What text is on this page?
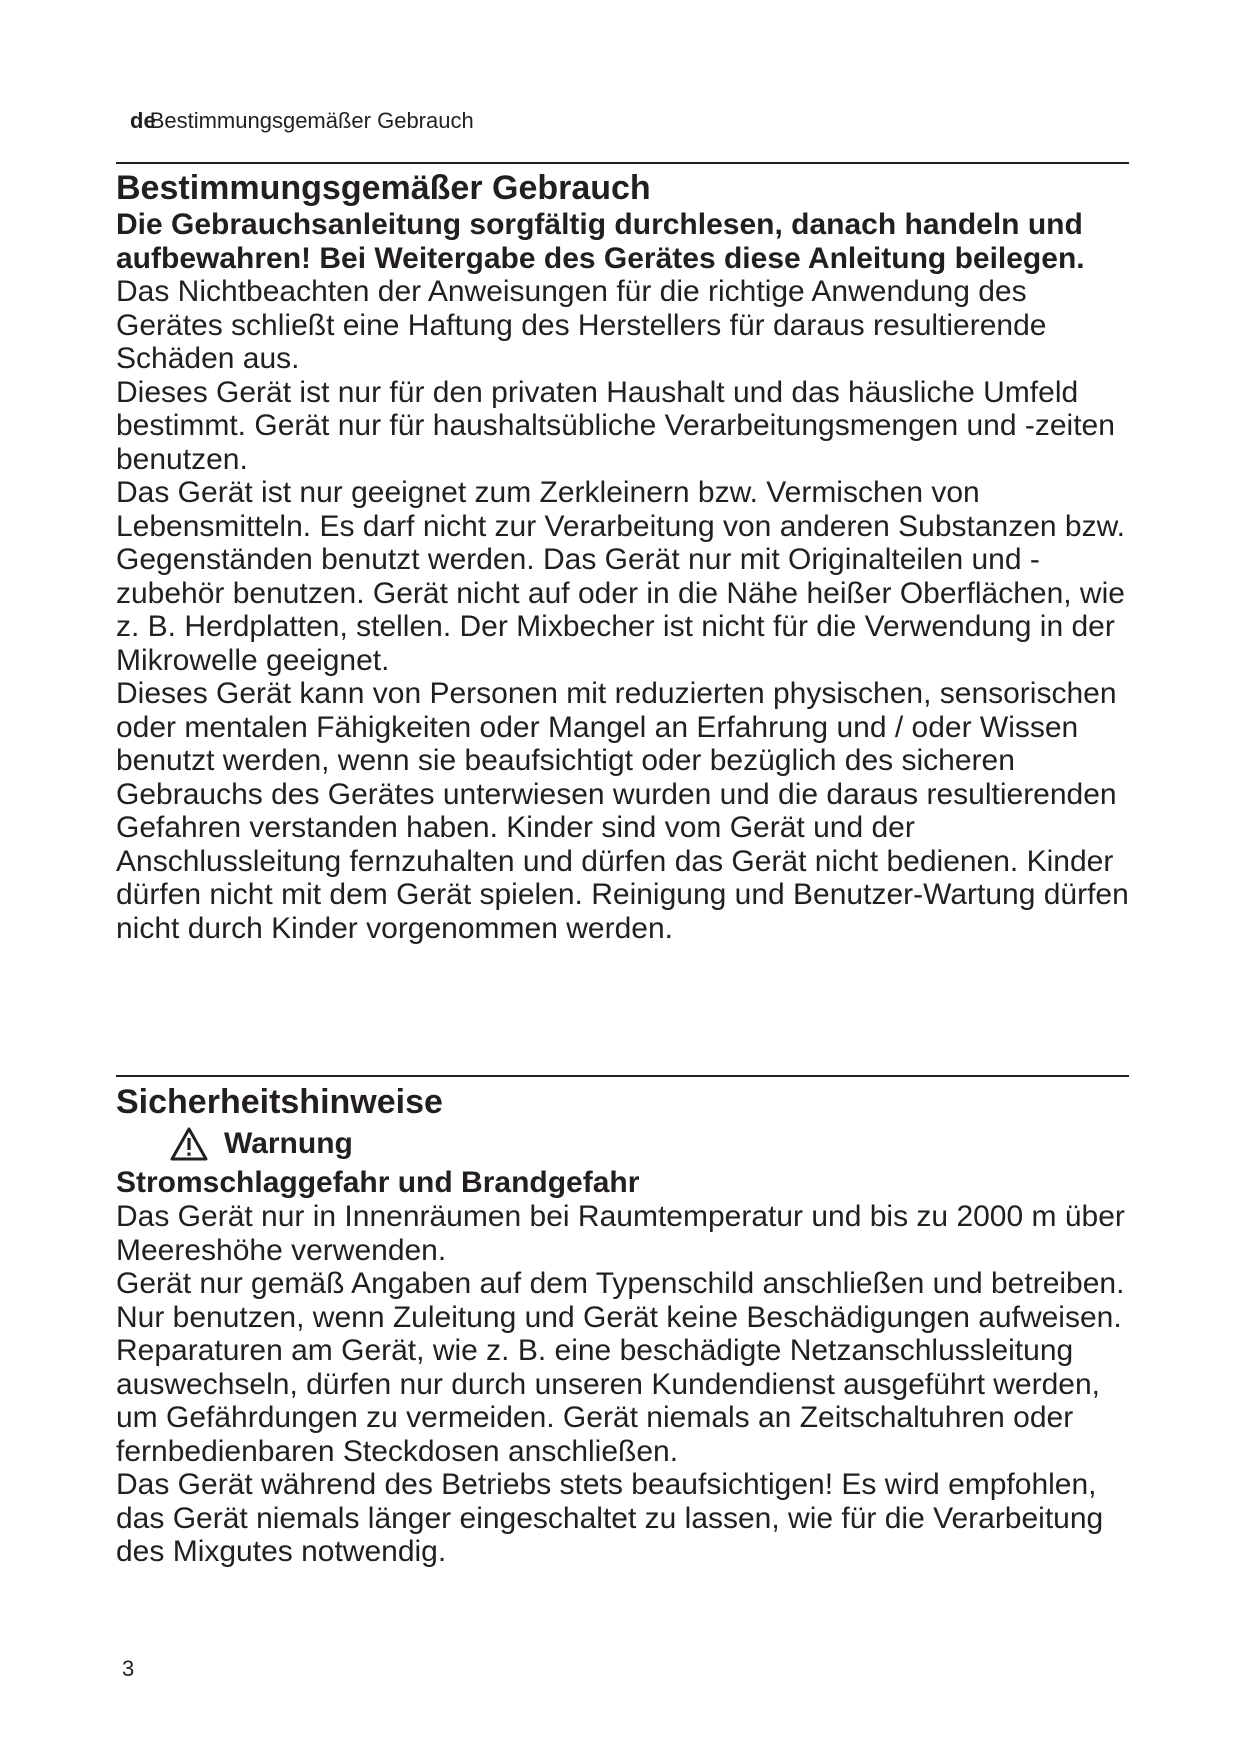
deBestimmungsgemäßer Gebrauch
Bestimmungsgemäßer Gebrauch

Die Gebrauchsanleitung sorgfältig durchlesen, danach handeln und aufbewahren! Bei Weitergabe des Gerätes diese Anleitung beilegen.

Das Nichtbeachten der Anweisungen für die richtige Anwendung des Gerätes schließt eine Haftung des Herstellers für daraus resultierende Schäden aus.

Dieses Gerät ist nur für den privaten Haushalt und das häusliche Umfeld bestimmt. Gerät nur für haushaltsübliche Verarbeitungsmengen und -zeiten benutzen.

Das Gerät ist nur geeignet zum Zerkleinern bzw. Vermischen von Lebensmitteln. Es darf nicht zur Verarbeitung von anderen Substanzen bzw. Gegenständen benutzt werden. Das Gerät nur mit Originalteilen und -zubehör benutzen. Gerät nicht auf oder in die Nähe heißer Oberflächen, wie z. B. Herdplatten, stellen. Der Mixbecher ist nicht für die Verwendung in der Mikrowelle geeignet.

Dieses Gerät kann von Personen mit reduzierten physischen, sensorischen oder mentalen Fähigkeiten oder Mangel an Erfahrung und / oder Wissen benutzt werden, wenn sie beaufsichtigt oder bezüglich des sicheren Gebrauchs des Gerätes unterwiesen wurden und die daraus resultierenden Gefahren verstanden haben. Kinder sind vom Gerät und der Anschlussleitung fernzuhalten und dürfen das Gerät nicht bedienen. Kinder dürfen nicht mit dem Gerät spielen. Reinigung und Benutzer-Wartung dürfen nicht durch Kinder vorgenommen werden.

Sicherheitshinweise
Warnung

Stromschlaggefahr und Brandgefahr

Das Gerät nur in Innenräumen bei Raumtemperatur und bis zu 2000 m über Meereshöhe verwenden.

Gerät nur gemäß Angaben auf dem Typenschild anschließen und betreiben. Nur benutzen, wenn Zuleitung und Gerät keine Beschädigungen aufweisen. Reparaturen am Gerät, wie z. B. eine beschädigte Netzanschlussleitung auswechseln, dürfen nur durch unseren Kundendienst ausgeführt werden, um Gefährdungen zu vermeiden. Gerät niemals an Zeitschaltuhren oder fernbedienbaren Steckdosen anschließen.

Das Gerät während des Betriebs stets beaufsichtigen! Es wird empfohlen, das Gerät niemals länger eingeschaltet zu lassen, wie für die Verarbeitung des Mixgutes notwendig.

3
